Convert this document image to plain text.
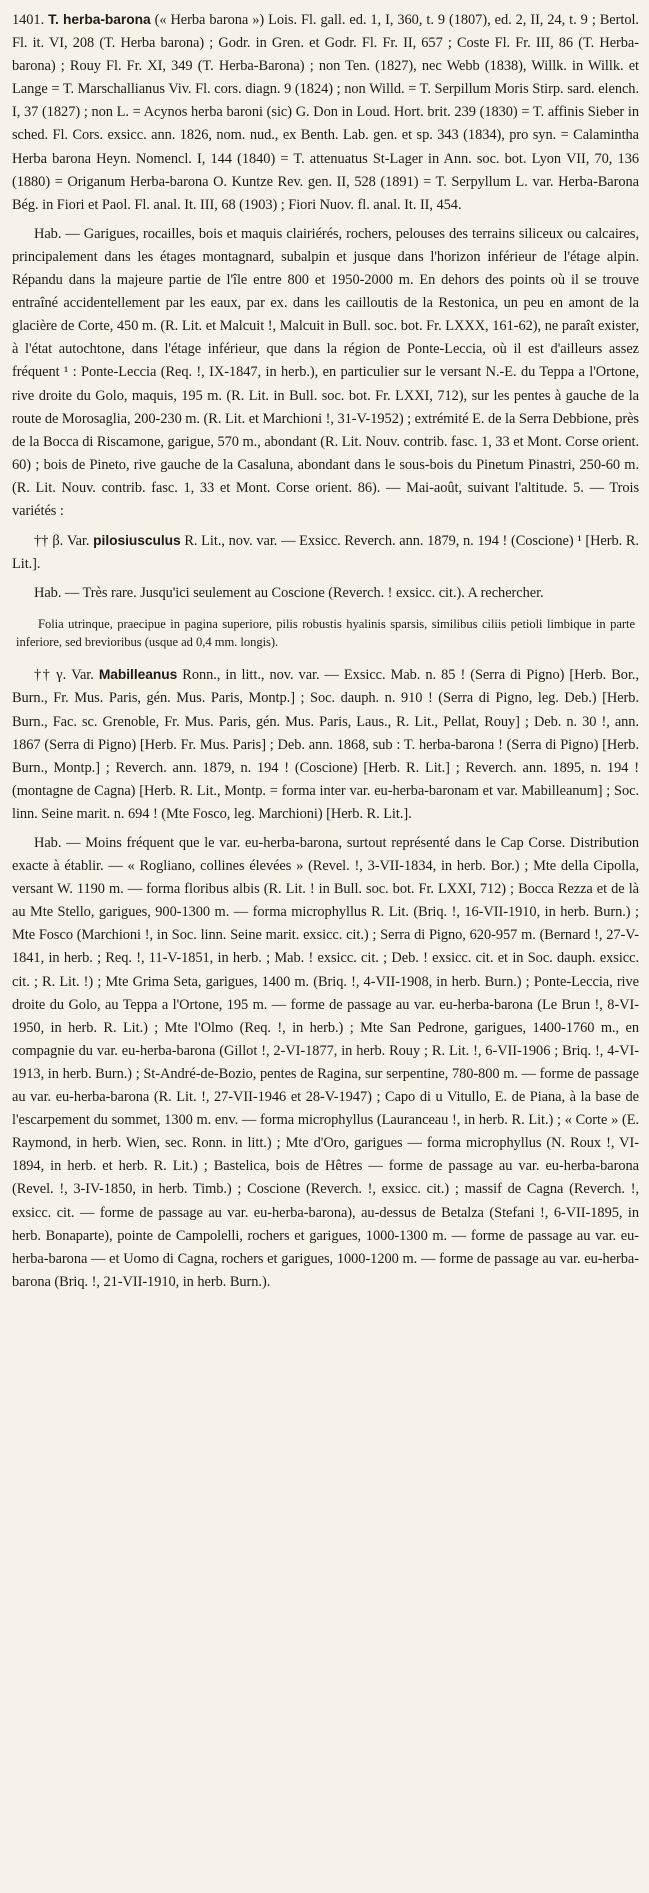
1401. T. herba-barona (« Herba barona ») Lois. Fl. gall. ed. 1, I, 360, t. 9 (1807), ed. 2, II, 24, t. 9 ; Bertol. Fl. it. VI, 208 (T. Herba barona) ; Godr. in Gren. et Godr. Fl. Fr. II, 657 ; Coste Fl. Fr. III, 86 (T. Herba-barona) ; Rouy Fl. Fr. XI, 349 (T. Herba-Barona) ; non Ten. (1827), nec Webb (1838), Willk. in Willk. et Lange = T. Marschallianus Viv. Fl. cors. diagn. 9 (1824) ; non Willd. = T. Serpillum Moris Stirp. sard. elench. I, 37 (1827) ; non L. = Acynos herba baroni (sic) G. Don in Loud. Hort. brit. 239 (1830) = T. affinis Sieber in sched. Fl. Cors. exsicc. ann. 1826, nom. nud., ex Benth. Lab. gen. et sp. 343 (1834), pro syn. = Calamintha Herba barona Heyn. Nomencl. I, 144 (1840) = T. attenuatus St-Lager in Ann. soc. bot. Lyon VII, 70, 136 (1880) = Origanum Herba-barona O. Kuntze Rev. gen. II, 528 (1891) = T. Serpyllum L. var. Herba-Barona Bég. in Fiori et Paol. Fl. anal. It. III, 68 (1903) ; Fiori Nuov. fl. anal. It. II, 454.

Hab. — Garigues, rocailles, bois et maquis clairiérés, rochers, pelouses des terrains siliceux ou calcaires, principalement dans les étages montagnard, subalpin et jusque dans l'horizon inférieur de l'étage alpin. Répandu dans la majeure partie de l'île entre 800 et 1950-2000 m. En dehors des points où il se trouve entraîné accidentellement par les eaux, par ex. dans les cailloutis de la Restonica, un peu en amont de la glacière de Corte, 450 m. (R. Lit. et Malcuit !, Malcuit in Bull. soc. bot. Fr. LXXX, 161-62), ne paraît exister, à l'état autochtone, dans l'étage inférieur, que dans la région de Ponte-Leccia, où il est d'ailleurs assez fréquent ¹ : Ponte-Leccia (Req. !, IX-1847, in herb.), en particulier sur le versant N.-E. du Teppa a l'Ortone, rive droite du Golo, maquis, 195 m. (R. Lit. in Bull. soc. bot. Fr. LXXI, 712), sur les pentes à gauche de la route de Morosaglia, 200-230 m. (R. Lit. et Marchioni !, 31-V-1952) ; extrémité E. de la Serra Debbione, près de la Bocca di Riscamone, garigue, 570 m., abondant (R. Lit. Nouv. contrib. fasc. 1, 33 et Mont. Corse orient. 60) ; bois de Pineto, rive gauche de la Casaluna, abondant dans le sous-bois du Pinetum Pinastri, 250-60 m. (R. Lit. Nouv. contrib. fasc. 1, 33 et Mont. Corse orient. 86). — Mai-août, suivant l'altitude. 5. — Trois variétés :

†† β. Var. pilosiusculus R. Lit., nov. var. — Exsicc. Reverch. ann. 1879, n. 194 ! (Coscione) ¹ [Herb. R. Lit.].

Hab. — Très rare. Jusqu'ici seulement au Coscione (Reverch. ! exsicc. cit.). A rechercher.

Folia utrinque, praecipue in pagina superiore, pilis robustis hyalinis sparsis, similibus ciliis petioli limbique in parte inferiore, sed brevioribus (usque ad 0,4 mm. longis).

†† γ. Var. Mabilleanus Ronn., in litt., nov. var. — Exsicc. Mab. n. 85 ! (Serra di Pigno) [Herb. Bor., Burn., Fr. Mus. Paris, gén. Mus. Paris, Montp.] ; Soc. dauph. n. 910 ! (Serra di Pigno, leg. Deb.) [Herb. Burn., Fac. sc. Grenoble, Fr. Mus. Paris, gén. Mus. Paris, Laus., R. Lit., Pellat, Rouy] ; Deb. n. 30 !, ann. 1867 (Serra di Pigno) [Herb. Fr. Mus. Paris] ; Deb. ann. 1868, sub : T. herba-barona ! (Serra di Pigno) [Herb. Burn., Montp.] ; Reverch. ann. 1879, n. 194 ! (Coscione) [Herb. R. Lit.] ; Reverch. ann. 1895, n. 194 ! (montagne de Cagna) [Herb. R. Lit., Montp. = forma inter var. eu-herba-baronam et var. Mabilleanum] ; Soc. linn. Seine marit. n. 694 ! (Mte Fosco, leg. Marchioni) [Herb. R. Lit.].

Hab. — Moins fréquent que le var. eu-herba-barona, surtout représenté dans le Cap Corse. Distribution exacte à établir. — « Rogliano, collines élevées » (Revel. !, 3-VII-1834, in herb. Bor.) ; Mte della Cipolla, versant W. 1190 m. — forma floribus albis (R. Lit. ! in Bull. soc. bot. Fr. LXXI, 712) ; Bocca Rezza et de là au Mte Stello, garigues, 900-1300 m. — forma microphyllus R. Lit. (Briq. !, 16-VII-1910, in herb. Burn.) ; Mte Fosco (Marchioni !, in Soc. linn. Seine marit. exsicc. cit.) ; Serra di Pigno, 620-957 m. (Bernard !, 27-V-1841, in herb. ; Req. !, 11-V-1851, in herb. ; Mab. ! exsicc. cit. ; Deb. ! exsicc. cit. et in Soc. dauph. exsicc. cit. ; R. Lit. !) ; Mte Grima Seta, garigues, 1400 m. (Briq. !, 4-VII-1908, in herb. Burn.) ; Ponte-Leccia, rive droite du Golo, au Teppa a l'Ortone, 195 m. — forme de passage au var. eu-herba-barona (Le Brun !, 8-VI-1950, in herb. R. Lit.) ; Mte l'Olmo (Req. !, in herb.) ; Mte San Pedrone, garigues, 1400-1760 m., en compagnie du var. eu-herba-barona (Gillot !, 2-VI-1877, in herb. Rouy ; R. Lit. !, 6-VII-1906 ; Briq. !, 4-VI-1913, in herb. Burn.) ; St-André-de-Bozio, pentes de Ragina, sur serpentine, 780-800 m. — forme de passage au var. eu-herba-barona (R. Lit. !, 27-VII-1946 et 28-V-1947) ; Capo di u Vitullo, E. de Piana, à la base de l'escarpement du sommet, 1300 m. env. — forma microphyllus (Lauranceau !, in herb. R. Lit.) ; « Corte » (E. Raymond, in herb. Wien, sec. Ronn. in litt.) ; Mte d'Oro, garigues — forma microphyllus (N. Roux !, VI-1894, in herb. et herb. R. Lit.) ; Bastelica, bois de Hêtres — forme de passage au var. eu-herba-barona (Revel. !, 3-IV-1850, in herb. Timb.) ; Coscione (Reverch. !, exsicc. cit.) ; massif de Cagna (Reverch. !, exsicc. cit. — forme de passage au var. eu-herba-barona), au-dessus de Betalza (Stefani !, 6-VII-1895, in herb. Bonaparte), pointe de Campolelli, rochers et garigues, 1000-1300 m. — forme de passage au var. eu-herba-barona — et Uomo di Cagna, rochers et garigues, 1000-1200 m. — forme de passage au var. eu-herba-barona (Briq. !, 21-VII-1910, in herb. Burn.).
